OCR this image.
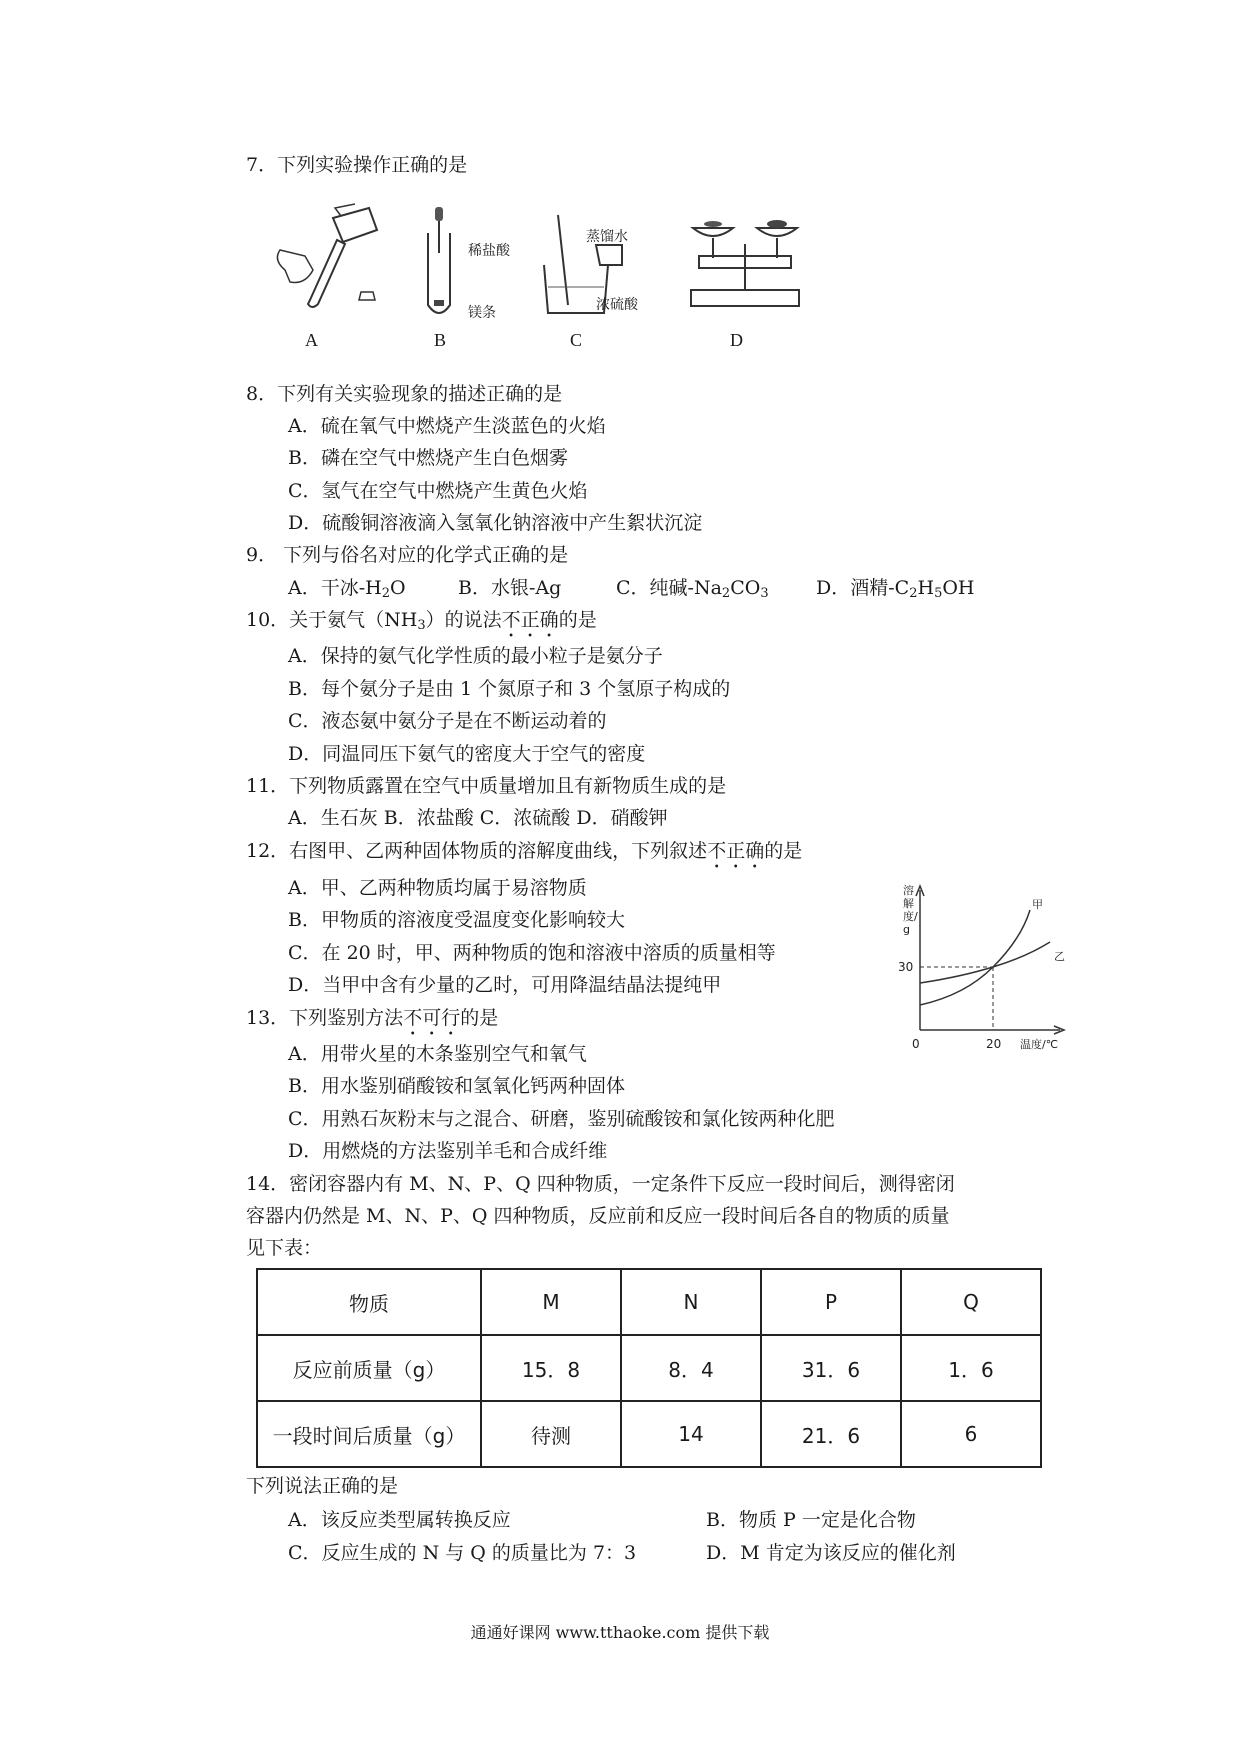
7．下列实验操作正确的是
A
稀盐酸
镁条
B
蒸馏水
浓硫酸
C	D
8．下列有关实验现象的描述正确的是
A．硫在氧气中燃烧产生淡蓝色的火焰
B．磷在空气中燃烧产生白色烟雾
C．氢气在空气中燃烧产生黄色火焰
D．硫酸铜溶液滴入氢氧化钠溶液中产生絮状沉淀
9． 下列与俗名对应的化学式正确的是
A．干冰$-H_2O$	B．水银-Ag	C．纯碱$-Na_2CO_3$ D．酒精$-C_2H_5OH$
10．关于氨气$(NH_3)$的说法不正确的是
A．保持的氨气化学性质的最小粒子是氨分子
B．每个氨分子是由 1 个氮原子和 3 个氢原子构成的
C．液态氨中氨分子是在不断运动着的
D．同温同压下氨气的密度大于空气的密度
11．下列物质露置在空气中质量增加且有新物质生成的是
A．生石灰 B．浓盐酸 C．浓硫酸 D．硝酸钾
12．右图甲、乙两种固体物质的溶解度曲线，下列叙述不正确的是
A．甲、乙两种物质均属于易溶物质
B．甲物质的溶液度受温度变化影响较大
C．在 20 时，甲、两种物质的饱和溶液中溶质的质量相等
D．当甲中含有少量的乙时，可用降温结晶法提纯甲
0	20
30
温度/℃
甲
乙
溶解度/g
13．下列鉴别方法不可行的是
A．用带火星的木条鉴别空气和氧气
B．用水鉴别硝酸铵和氢氧化钙两种固体
C．用熟石灰粉末与之混合、研磨，鉴别硫酸铵和氯化铵两种化肥
D．用燃烧的方法鉴别羊毛和合成纤维
14．密闭容器内有 M、N、P、Q 四种物质，一定条件下反应一段时间后，测得密闭
容器内仍然是 M、N、P、Q 四种物质，反应前和反应一段时间后各自的物质的质量
见下表：
物质	M	N	P	Q
反应前质量（g）	15．8	8．4	31．6	1．6
一段时间后质量（g）	待测	14	21．6	6
下列说法正确的是
A．该反应类型属转换反应	B．物质 P 一定是化合物
C．反应生成的 N 与 Q 的质量比为 7：3	D．M 肯定为该反应的催化剂
通通好课网 www.tthaoke.com 提供下载
